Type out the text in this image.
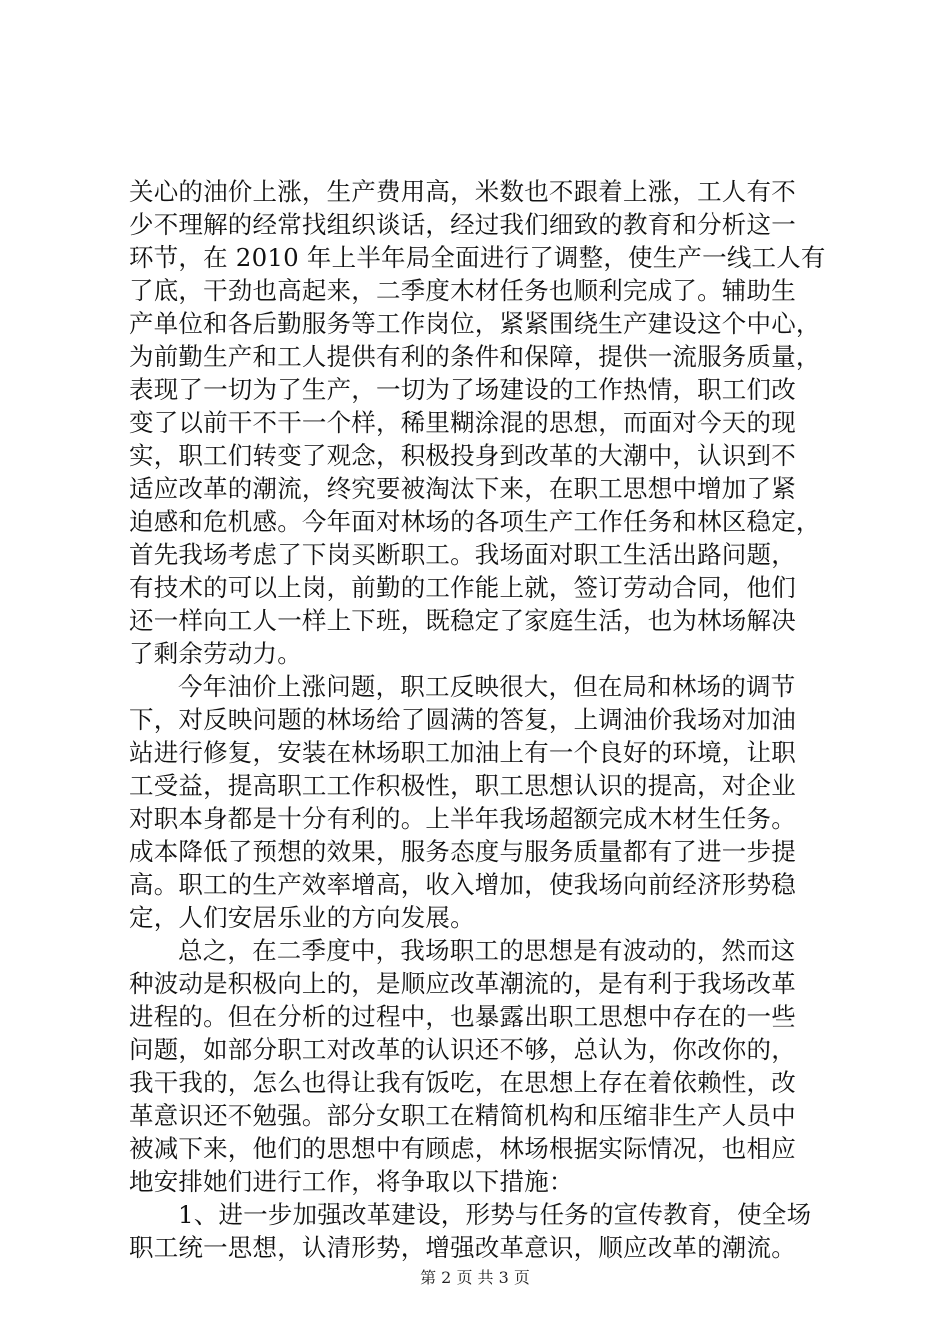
关心的油价上涨，生产费用高，米数也不跟着上涨，工人有不
少不理解的经常找组织谈话，经过我们细致的教育和分析这一
环节，在 2010 年上半年局全面进行了调整，使生产一线工人有
了底，干劲也高起来，二季度木材任务也顺利完成了。辅助生
产单位和各后勤服务等工作岗位，紧紧围绕生产建设这个中心，
为前勤生产和工人提供有利的条件和保障，提供一流服务质量，
表现了一切为了生产，一切为了场建设的工作热情，职工们改
变了以前干不干一个样，稀里糊涂混的思想，而面对今天的现
实，职工们转变了观念，积极投身到改革的大潮中，认识到不
适应改革的潮流，终究要被淘汰下来，在职工思想中增加了紧
迫感和危机感。今年面对林场的各项生产工作任务和林区稳定，
首先我场考虑了下岗买断职工。我场面对职工生活出路问题，
有技术的可以上岗，前勤的工作能上就，签订劳动合同，他们
还一样向工人一样上下班，既稳定了家庭生活，也为林场解决
了剩余劳动力。
今年油价上涨问题，职工反映很大，但在局和林场的调节
下，对反映问题的林场给了圆满的答复，上调油价我场对加油
站进行修复，安装在林场职工加油上有一个良好的环境，让职
工受益，提高职工工作积极性，职工思想认识的提高，对企业
对职本身都是十分有利的。上半年我场超额完成木材生任务。
成本降低了预想的效果，服务态度与服务质量都有了进一步提
高。职工的生产效率增高，收入增加，使我场向前经济形势稳
定，人们安居乐业的方向发展。
总之，在二季度中，我场职工的思想是有波动的，然而这
种波动是积极向上的，是顺应改革潮流的，是有利于我场改革
进程的。但在分析的过程中，也暴露出职工思想中存在的一些
问题，如部分职工对改革的认识还不够，总认为，你改你的，
我干我的，怎么也得让我有饭吃，在思想上存在着依赖性，改
革意识还不勉强。部分女职工在精简机构和压缩非生产人员中
被减下来，他们的思想中有顾虑，林场根据实际情况，也相应
地安排她们进行工作，将争取以下措施：
1、进一步加强改革建设，形势与任务的宣传教育，使全场
职工统一思想，认清形势，增强改革意识，顺应改革的潮流。
第 2 页 共 3 页
